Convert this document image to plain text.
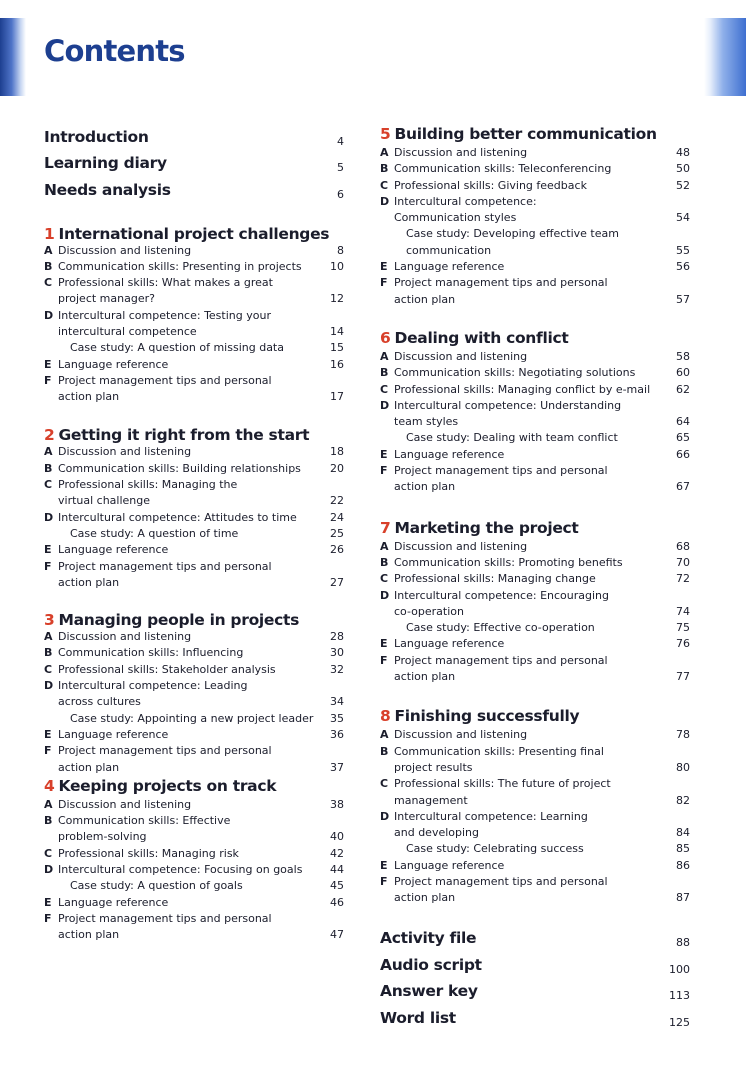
Contents
Introduction	4
Learning diary	5
Needs analysis	6
1 International project challenges
A Discussion and listening	8
B Communication skills: Presenting in projects	10
C Professional skills: What makes a great
project manager?	12
D Intercultural competence: Testing your
intercultural competence	14
Case study: A question of missing data	15
E Language reference	16
F Project management tips and personal
action plan	17
2 Getting it right from the start
A Discussion and listening	18
B Communication skills: Building relationships	20
C Professional skills: Managing the
virtual challenge	22
D Intercultural competence: Attitudes to time	24
Case study: A question of time	25
E Language reference	26
F Project management tips and personal
action plan	27
3 Managing people in projects
A Discussion and listening	28
B Communication skills: Influencing	30
C Professional skills: Stakeholder analysis	32
D Intercultural competence: Leading
across cultures	34
Case study: Appointing a new project leader 35
E Language reference	36
F Project management tips and personal
action plan	37
4 Keeping projects on track
A Discussion and listening	38
B Communication skills: Effective
problem-solving	40
C Professional skills: Managing risk	42
D Intercultural competence: Focusing on goals	44
Case study: A question of goals	45
E Language reference	46
F Project management tips and personal
action plan	47
5 Building better communication
A Discussion and listening	48
B Communication skills: Teleconferencing	50
C Professional skills: Giving feedback	52
D Intercultural competence:
Communication styles	54
Case study: Developing effective team
communication	55
E Language reference	56
F Project management tips and personal
action plan	57
6 Dealing with conflict
A Discussion and listening	58
B Communication skills: Negotiating solutions	60
C Professional skills: Managing conflict by e-mail	62
D Intercultural competence: Understanding
team styles	64
Case study: Dealing with team conflict	65
E Language reference	66
F Project management tips and personal
action plan	67
7 Marketing the project
A Discussion and listening	68
B Communication skills: Promoting benefits	70
C Professional skills: Managing change	72
D Intercultural competence: Encouraging
co-operation	74
Case study: Effective co-operation	75
E Language reference	76
F Project management tips and personal
action plan	77
8 Finishing successfully
A Discussion and listening	78
B Communication skills: Presenting final
project results	80
C Professional skills: The future of project
management	82
D Intercultural competence: Learning
and developing	84
Case study: Celebrating success	85
E Language reference	86
F Project management tips and personal
action plan	87
Activity file	88
Audio script	100
Answer key	113
Word list	125
